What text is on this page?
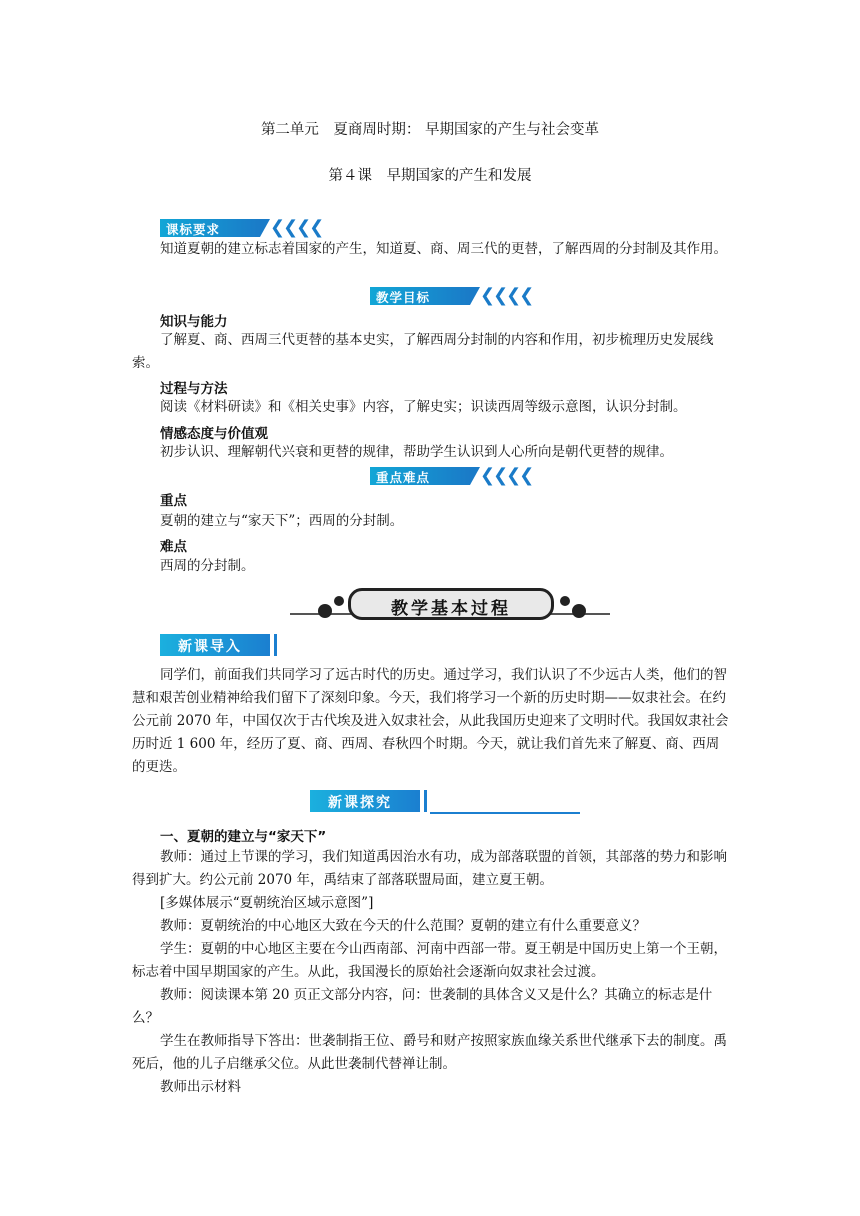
第二单元　夏商周时期： 早期国家的产生与社会变革
第４课　早期国家的产生和发展
课标要求	❮❮❮❮

知道夏朝的建立标志着国家的产生，知道夏、商、周三代的更替，了解西周的分封制及其作用。

教学目标	❮❮❮❮
知识与能力

了解夏、商、西周三代更替的基本史实，了解西周分封制的内容和作用，初步梳理历史发展线索。

过程与方法

阅读《材料研读》和《相关史事》内容，了解史实；识读西周等级示意图，认识分封制。

情感态度与价值观

初步认识、理解朝代兴衰和更替的规律，帮助学生认识到人心所向是朝代更替的规律。

重点难点	❮❮❮❮
重点

夏朝的建立与“家天下”；西周的分封制。

难点

西周的分封制。

教学基本过程
新课导入

同学们，前面我们共同学习了远古时代的历史。通过学习，我们认识了不少远古人类，他们的智慧和艰苦创业精神给我们留下了深刻印象。今天，我们将学习一个新的历史时期——奴隶社会。在约公元前 2070 年，中国仅次于古代埃及进入奴隶社会，从此我国历史迎来了文明时代。我国奴隶社会历时近 1 600 年，经历了夏、商、西周、春秋四个时期。今天，就让我们首先来了解夏、商、西周的更迭。

新课探究
一、夏朝的建立与“家天下”

教师：通过上节课的学习，我们知道禹因治水有功，成为部落联盟的首领，其部落的势力和影响得到扩大。约公元前 2070 年，禹结束了部落联盟局面，建立夏王朝。

[多媒体展示“夏朝统治区域示意图”]

教师：夏朝统治的中心地区大致在今天的什么范围？夏朝的建立有什么重要意义？

学生：夏朝的中心地区主要在今山西南部、河南中西部一带。夏王朝是中国历史上第一个王朝，标志着中国早期国家的产生。从此，我国漫长的原始社会逐渐向奴隶社会过渡。

教师：阅读课本第 20 页正文部分内容，问：世袭制的具体含义又是什么？其确立的标志是什么？

学生在教师指导下答出：世袭制指王位、爵号和财产按照家族血缘关系世代继承下去的制度。禹死后，他的儿子启继承父位。从此世袭制代替禅让制。

教师出示材料
